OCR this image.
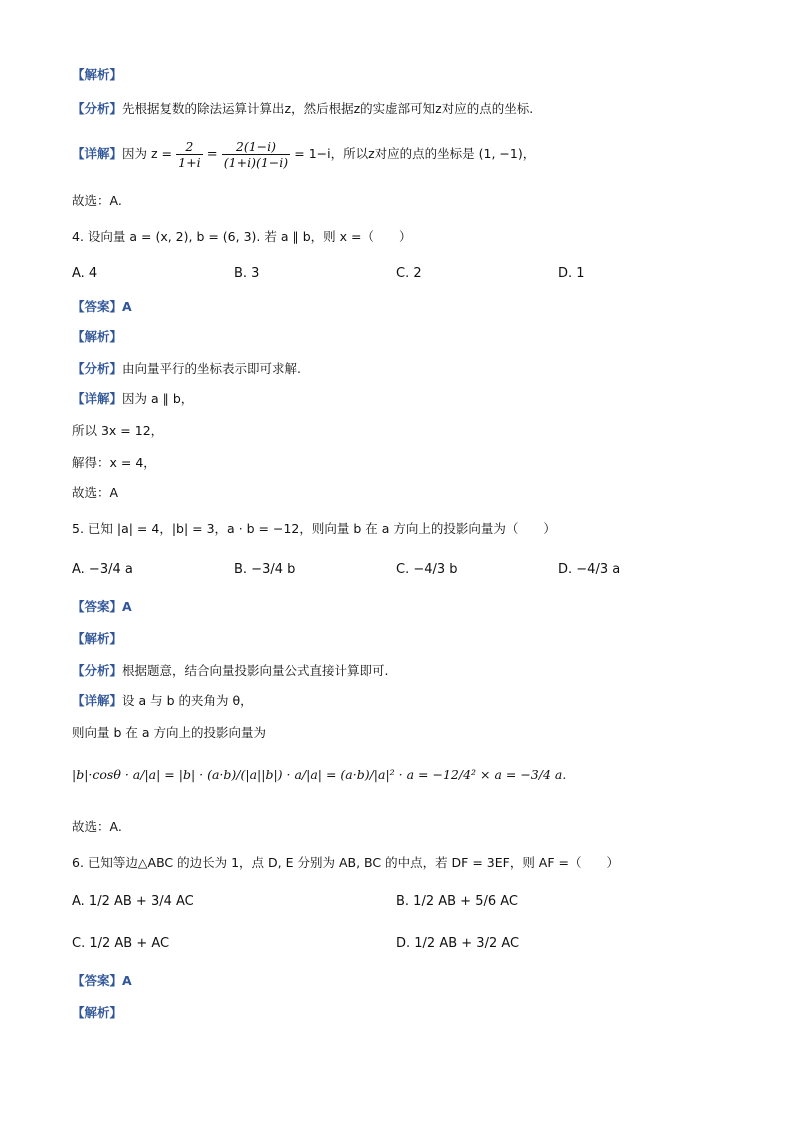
【解析】
【分析】先根据复数的除法运算计算出z，然后根据z的实虚部可知z对应的点的坐标.
【详解】因为 $z = \frac{2}{1+i} = \frac{2(1-i)}{(1+i)(1-i)} = 1-i$，所以z对应的点的坐标是 (1, −1)，
故选：A.
4. 设向量 a = (x, 2), b = (6, 3). 若 a ∥ b，则 x =（　　）
A. 4	B. 3	C. 2	D. 1
【答案】A
【解析】
【分析】由向量平行的坐标表示即可求解.
【详解】因为 a ∥ b，
所以 3x = 12，
解得：x = 4，
故选：A
5. 已知 |a| = 4，|b| = 3，a · b = −12，则向量 b 在 a 方向上的投影向量为（　　）
A. −3/4 a	B. −3/4 b	C. −4/3 b	D. −4/3 a
【答案】A
【解析】
【分析】根据题意，结合向量投影向量公式直接计算即可.
【详解】设 a 与 b 的夹角为 θ，
则向量 b 在 a 方向上的投影向量为
|b|·cosθ · a/|a| = |b| · (a·b)/(|a||b|) · a/|a| = (a·b)/|a|² · a = −12/4² × a = −3/4 a.
故选：A.
6. 已知等边△ABC 的边长为 1，点 D, E 分别为 AB, BC 的中点，若 DF = 3EF，则 AF =（　　）
A. 1/2 AB + 3/4 AC	B. 1/2 AB + 5/6 AC
C. 1/2 AB + AC	D. 1/2 AB + 3/2 AC
【答案】A
【解析】
